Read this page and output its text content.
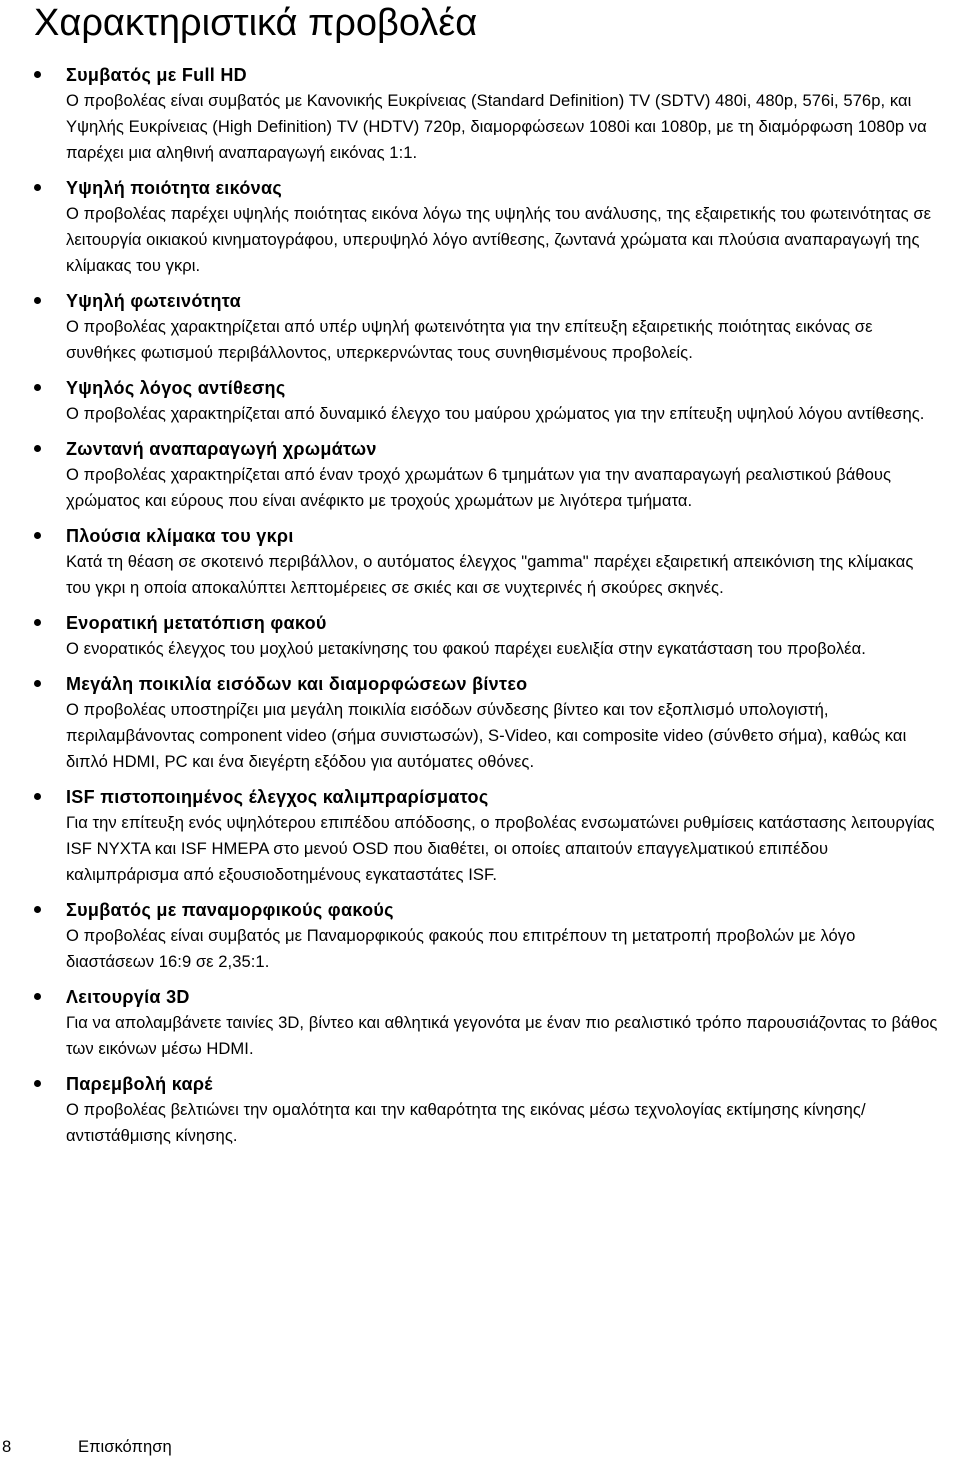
Χαρακτηριστικά προβολέα

Συμβατός με Full HD

Ο προβολέας είναι συμβατός με Κανονικής Ευκρίνειας (Standard Definition) TV (SDTV) 480i, 480p, 576i, 576p, και Υψηλής Ευκρίνειας (High Definition) TV (HDTV) 720p, διαμορφώσεων 1080i και 1080p, με τη διαμόρφωση 1080p να παρέχει μια αληθινή αναπαραγωγή εικόνας 1:1.

Υψηλή ποιότητα εικόνας

Ο προβολέας παρέχει υψηλής ποιότητας εικόνα λόγω της υψηλής του ανάλυσης, της εξαιρετικής του φωτεινότητας σε λειτουργία οικιακού κινηματογράφου, υπερυψηλό λόγο αντίθεσης, ζωντανά χρώματα και πλούσια αναπαραγωγή της κλίμακας του γκρι.

Υψηλή φωτεινότητα

Ο προβολέας χαρακτηρίζεται από υπέρ υψηλή φωτεινότητα για την επίτευξη εξαιρετικής ποιότητας εικόνας σε συνθήκες φωτισμού περιβάλλοντος, υπερκερνώντας τους συνηθισμένους προβολείς.

Υψηλός λόγος αντίθεσης

Ο προβολέας χαρακτηρίζεται από δυναμικό έλεγχο του μαύρου χρώματος για την επίτευξη υψηλού λόγου αντίθεσης.

Ζωντανή αναπαραγωγή χρωμάτων

Ο προβολέας χαρακτηρίζεται από έναν τροχό χρωμάτων 6 τμημάτων για την αναπαραγωγή ρεαλιστικού βάθους χρώματος και εύρους που είναι ανέφικτο με τροχούς χρωμάτων με λιγότερα τμήματα.

Πλούσια κλίμακα του γκρι

Κατά τη θέαση σε σκοτεινό περιβάλλον, ο αυτόματος έλεγχος "gamma" παρέχει εξαιρετική απεικόνιση της κλίμακας του γκρι η οποία αποκαλύπτει λεπτομέρειες σε σκιές και σε νυχτερινές ή σκούρες σκηνές.

Ενορατική μετατόπιση φακού

Ο ενορατικός έλεγχος του μοχλού μετακίνησης του φακού παρέχει ευελιξία στην εγκατάσταση του προβολέα.

Μεγάλη ποικιλία εισόδων και διαμορφώσεων βίντεο

Ο προβολέας υποστηρίζει μια μεγάλη ποικιλία εισόδων σύνδεσης βίντεο και τον εξοπλισμό υπολογιστή, περιλαμβάνοντας component video (σήμα συνιστωσών), S-Video, και composite video (σύνθετο σήμα), καθώς και διπλό HDMI, PC και ένα διεγέρτη εξόδου για αυτόματες οθόνες.

ISF πιστοποιημένος έλεγχος καλιμπραρίσματος

Για την επίτευξη ενός υψηλότερου επιπέδου απόδοσης, ο προβολέας ενσωματώνει ρυθμίσεις κατάστασης λειτουργίας ISF ΝΥΧΤΑ και ISF ΗΜΕΡΑ στο μενού OSD που διαθέτει, οι οποίες απαιτούν επαγγελματικού επιπέδου καλιμπράρισμα από εξουσιοδοτημένους εγκαταστάτες ISF.

Συμβατός με παναμορφικούς φακούς

Ο προβολέας είναι συμβατός με Παναμορφικούς φακούς που επιτρέπουν τη μετατροπή προβολών με λόγο διαστάσεων 16:9 σε 2,35:1.

Λειτουργία 3D

Για να απολαμβάνετε ταινίες 3D, βίντεο και αθλητικά γεγονότα με έναν πιο ρεαλιστικό τρόπο παρουσιάζοντας το βάθος των εικόνων μέσω HDMI.

Παρεμβολή καρέ

Ο προβολέας βελτιώνει την ομαλότητα και την καθαρότητα της εικόνας μέσω τεχνολογίας εκτίμησης κίνησης/αντιστάθμισης κίνησης.

8	Επισκόπηση
